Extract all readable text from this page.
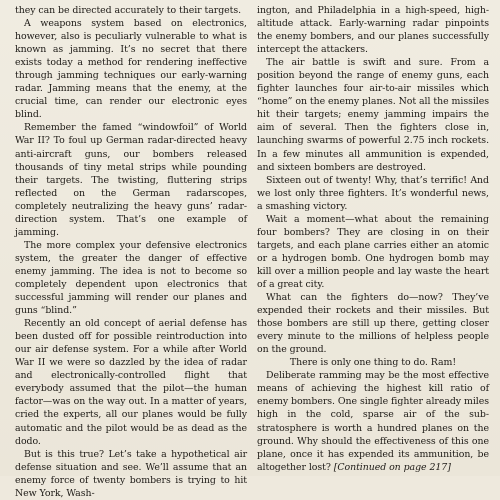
they can be directed accurately to their targets.

A weapons system based on electronics, however, also is peculiarly vulnerable to what is known as jamming. It’s no secret that there exists today a method for rendering ineffective through jamming techniques our early-warning radar. Jamming means that the enemy, at the crucial time, can render our electronic eyes blind.

Remember the famed “windowfoil” of World War II? To foul up German radar-directed heavy anti-aircraft guns, our bombers released thousands of tiny metal strips while pounding their targets. The twisting, fluttering strips reflected on the German radarscopes, completely neutralizing the heavy guns’ radar-direction system. That’s one example of jamming.

The more complex your defensive electronics system, the greater the danger of effective enemy jamming. The idea is not to become so completely dependent upon electronics that successful jamming will render our planes and guns “blind.”

Recently an old concept of aerial defense has been dusted off for possible reintroduction into our air defense system. For a while after World War II we were so dazzled by the idea of radar and electronically-controlled flight that everybody assumed that the pilot—the human factor—was on the way out. In a matter of years, cried the experts, all our planes would be fully automatic and the pilot would be as dead as the dodo.

But is this true? Let’s take a hypothetical air defense situation and see. We’ll assume that an enemy force of twenty bombers is trying to hit New York, Wash-

ington, and Philadelphia in a high-speed, high-altitude attack. Early-warning radar pinpoints the enemy bombers, and our planes successfully intercept the attackers.

The air battle is swift and sure. From a position beyond the range of enemy guns, each fighter launches four air-to-air missiles which “home” on the enemy planes. Not all the missiles hit their targets; enemy jamming impairs the aim of several. Then the fighters close in, launching swarms of powerful 2.75 inch rockets. In a few minutes all ammunition is expended, and sixteen bombers are destroyed.

Sixteen out of twenty! Why, that’s terrific! And we lost only three fighters. It’s wonderful news, a smashing victory.

Wait a moment—what about the remaining four bombers? They are closing in on their targets, and each plane carries either an atomic or a hydrogen bomb. One hydrogen bomb may kill over a million people and lay waste the heart of a great city.

What can the fighters do—now? They’ve expended their rockets and their missiles. But those bombers are still up there, getting closer every minute to the millions of helpless people on the ground.

There is only one thing to do. Ram!

Deliberate ramming may be the most effective means of achieving the highest kill ratio of enemy bombers. One single fighter already miles high in the cold, sparse air of the sub-stratosphere is worth a hundred planes on the ground. Why should the effectiveness of this one plane, once it has expended its ammunition, be altogether lost? [Continued on page 217]
